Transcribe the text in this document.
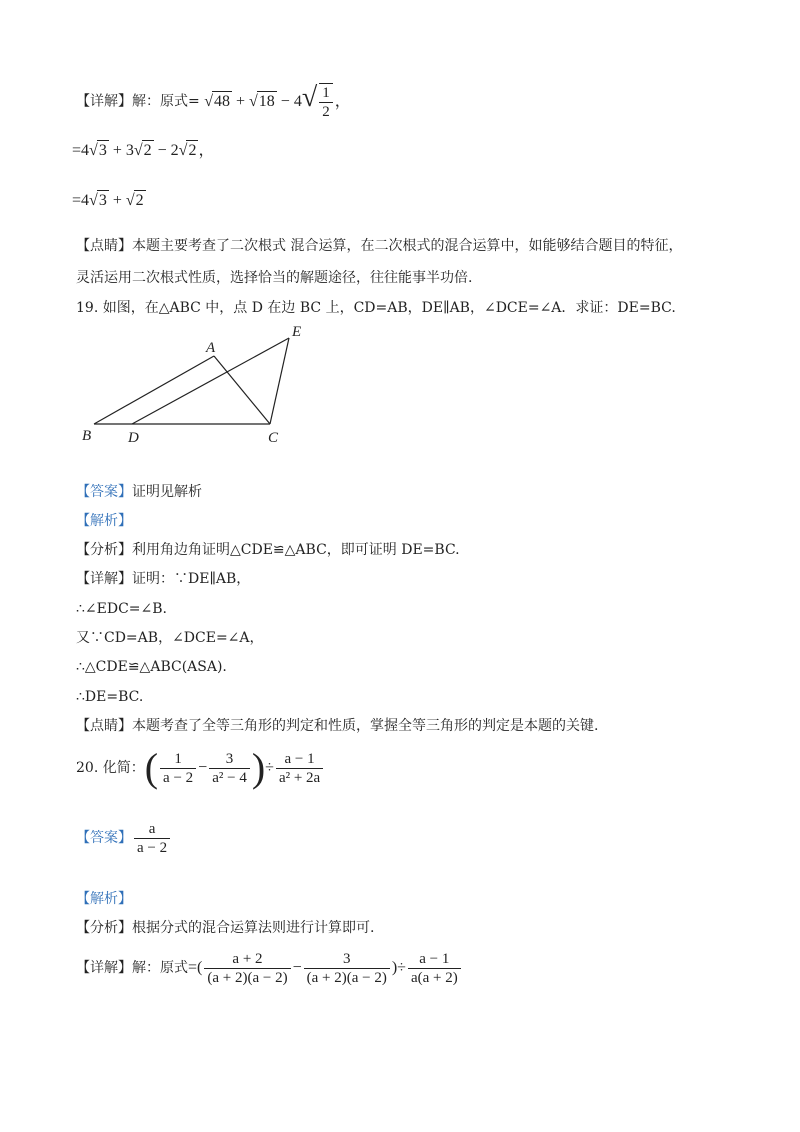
【详解】解：原式= $√48 + √18 - 4√ \frac{1}{2}$ ，
=4√3 + 3√2 − 2√2 ，
=4√3 + √2
【点睛】本题主要考查了二次根式 混合运算，在二次根式的混合运算中，如能够结合题目的特征，
灵活运用二次根式性质，选择恰当的解题途径，往往能事半功倍.
19. 如图，在△ABC 中，点 D 在边 BC 上，CD=AB，DE∥AB，∠DCE=∠A．求证：DE=BC.
A
B	C
D
E
【答案】证明见解析
【解析】
【分析】利用角边角证明△CDE≌△ABC，即可证明 DE=BC.
【详解】证明：∵DE∥AB，
∴∠EDC=∠B.
又∵CD=AB，∠DCE=∠A，
∴△CDE≌△ABC(ASA).
∴DE=BC.
【点睛】本题考查了全等三角形的判定和性质，掌握全等三角形的判定是本题的关键.
20. 化简：( $\frac{1}{a - 2} - \frac{3}{\text{a² − 4}}$ )÷ $\frac{a - 1}{\text{a² + 2a}}$
【答案】 $\frac{a}{a - 2}$
【解析】
【分析】根据分式的混合运算法则进行计算即可.
【详解】解：原式=( $\frac{a + 2}{(a + 2)(a - 2)} - \frac{3}{(a + 2)(a - 2)}$ )÷ $\frac{a - 1}{a(a + 2)}$
